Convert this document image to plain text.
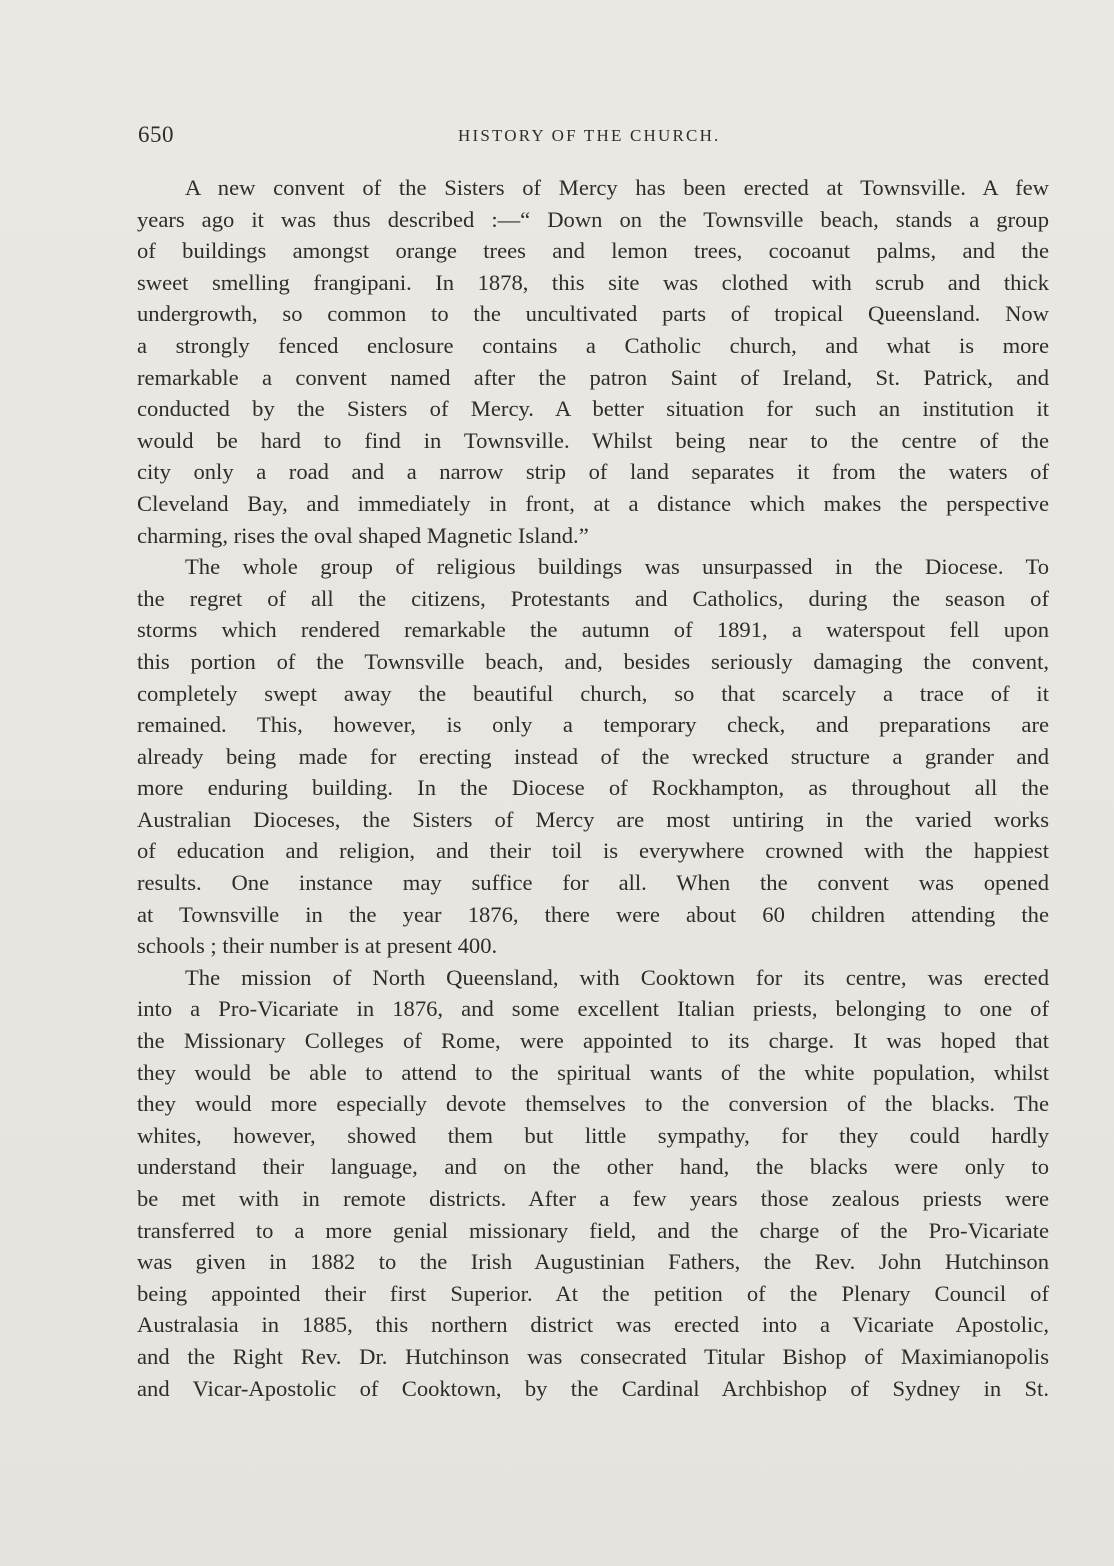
650	HISTORY OF THE CHURCH.

A new convent of the Sisters of Mercy has been erected at Townsville. A few
years ago it was thus described :—“ Down on the Townsville beach, stands a group
of buildings amongst orange trees and lemon trees, cocoanut palms, and the
sweet smelling frangipani. In 1878, this site was clothed with scrub and thick
undergrowth, so common to the uncultivated parts of tropical Queensland. Now
a strongly fenced enclosure contains a Catholic church, and what is more
remarkable a convent named after the patron Saint of Ireland, St. Patrick, and
conducted by the Sisters of Mercy. A better situation for such an institution it
would be hard to find in Townsville. Whilst being near to the centre of the
city only a road and a narrow strip of land separates it from the waters of
Cleveland Bay, and immediately in front, at a distance which makes the perspective
charming, rises the oval shaped Magnetic Island.”

The whole group of religious buildings was unsurpassed in the Diocese. To
the regret of all the citizens, Protestants and Catholics, during the season of
storms which rendered remarkable the autumn of 1891, a waterspout fell upon
this portion of the Townsville beach, and, besides seriously damaging the convent,
completely swept away the beautiful church, so that scarcely a trace of it
remained. This, however, is only a temporary check, and preparations are
already being made for erecting instead of the wrecked structure a grander and
more enduring building. In the Diocese of Rockhampton, as throughout all the
Australian Dioceses, the Sisters of Mercy are most untiring in the varied works
of education and religion, and their toil is everywhere crowned with the happiest
results. One instance may suffice for all. When the convent was opened
at Townsville in the year 1876, there were about 60 children attending the
schools ; their number is at present 400.

The mission of North Queensland, with Cooktown for its centre, was erected
into a Pro-Vicariate in 1876, and some excellent Italian priests, belonging to one of
the Missionary Colleges of Rome, were appointed to its charge. It was hoped that
they would be able to attend to the spiritual wants of the white population, whilst
they would more especially devote themselves to the conversion of the blacks. The
whites, however, showed them but little sympathy, for they could hardly
understand their language, and on the other hand, the blacks were only to
be met with in remote districts. After a few years those zealous priests were
transferred to a more genial missionary field, and the charge of the Pro-Vicariate
was given in 1882 to the Irish Augustinian Fathers, the Rev. John Hutchinson
being appointed their first Superior. At the petition of the Plenary Council of
Australasia in 1885, this northern district was erected into a Vicariate Apostolic,
and the Right Rev. Dr. Hutchinson was consecrated Titular Bishop of Maximianopolis
and Vicar-Apostolic of Cooktown, by the Cardinal Archbishop of Sydney in St.
